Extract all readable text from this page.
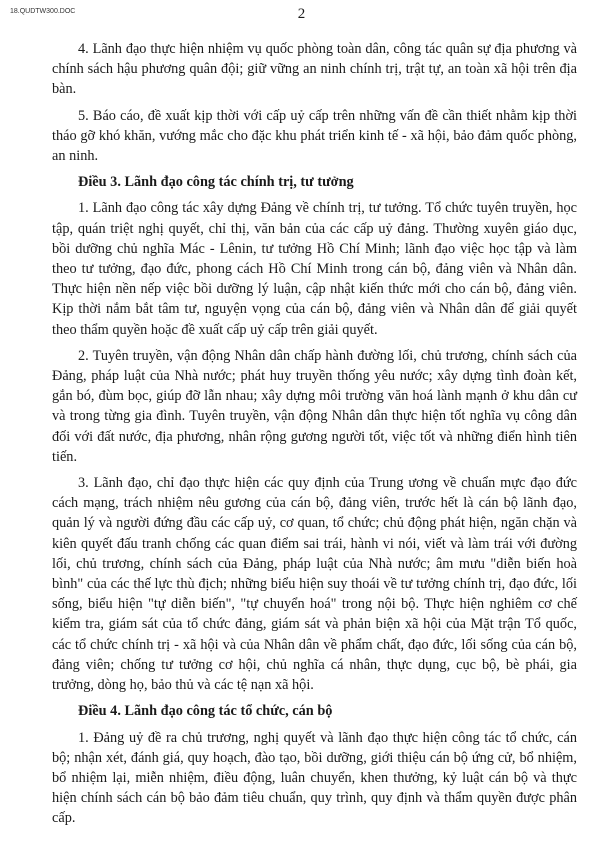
18.QUDTW300.DOC	2

4. Lãnh đạo thực hiện nhiệm vụ quốc phòng toàn dân, công tác quân sự địa phương và chính sách hậu phương quân đội; giữ vững an ninh chính trị, trật tự, an toàn xã hội trên địa bàn.

5. Báo cáo, đề xuất kịp thời với cấp uỷ cấp trên những vấn đề cần thiết nhằm kịp thời tháo gỡ khó khăn, vướng mắc cho đặc khu phát triển kinh tế - xã hội, bảo đảm quốc phòng, an ninh.

Điều 3. Lãnh đạo công tác chính trị, tư tưởng

1. Lãnh đạo công tác xây dựng Đảng về chính trị, tư tưởng. Tổ chức tuyên truyền, học tập, quán triệt nghị quyết, chỉ thị, văn bản của các cấp uỷ đảng. Thường xuyên giáo dục, bồi dưỡng chủ nghĩa Mác - Lênin, tư tưởng Hồ Chí Minh; lãnh đạo việc học tập và làm theo tư tưởng, đạo đức, phong cách Hồ Chí Minh trong cán bộ, đảng viên và Nhân dân. Thực hiện nền nếp việc bồi dưỡng lý luận, cập nhật kiến thức mới cho cán bộ, đảng viên. Kịp thời nắm bắt tâm tư, nguyện vọng của cán bộ, đảng viên và Nhân dân để giải quyết theo thẩm quyền hoặc đề xuất cấp uỷ cấp trên giải quyết.

2. Tuyên truyền, vận động Nhân dân chấp hành đường lối, chủ trương, chính sách của Đảng, pháp luật của Nhà nước; phát huy truyền thống yêu nước; xây dựng tình đoàn kết, gắn bó, đùm bọc, giúp đỡ lẫn nhau; xây dựng môi trường văn hoá lành mạnh ở khu dân cư và trong từng gia đình. Tuyên truyền, vận động Nhân dân thực hiện tốt nghĩa vụ công dân đối với đất nước, địa phương, nhân rộng gương người tốt, việc tốt và những điển hình tiên tiến.

3. Lãnh đạo, chỉ đạo thực hiện các quy định của Trung ương về chuẩn mực đạo đức cách mạng, trách nhiệm nêu gương của cán bộ, đảng viên, trước hết là cán bộ lãnh đạo, quản lý và người đứng đầu các cấp uỷ, cơ quan, tổ chức; chủ động phát hiện, ngăn chặn và kiên quyết đấu tranh chống các quan điểm sai trái, hành vi nói, viết và làm trái với đường lối, chủ trương, chính sách của Đảng, pháp luật của Nhà nước; âm mưu "diễn biến hoà bình" của các thế lực thù địch; những biểu hiện suy thoái về tư tưởng chính trị, đạo đức, lối sống, biểu hiện "tự diễn biến", "tự chuyển hoá" trong nội bộ. Thực hiện nghiêm cơ chế kiểm tra, giám sát của tổ chức đảng, giám sát và phản biện xã hội của Mặt trận Tổ quốc, các tổ chức chính trị - xã hội và của Nhân dân về phẩm chất, đạo đức, lối sống của cán bộ, đảng viên; chống tư tưởng cơ hội, chủ nghĩa cá nhân, thực dụng, cục bộ, bè phái, gia trưởng, dòng họ, bảo thủ và các tệ nạn xã hội.

Điều 4. Lãnh đạo công tác tổ chức, cán bộ

1. Đảng uỷ đề ra chủ trương, nghị quyết và lãnh đạo thực hiện công tác tổ chức, cán bộ; nhận xét, đánh giá, quy hoạch, đào tạo, bồi dưỡng, giới thiệu cán bộ ứng cử, bổ nhiệm, bổ nhiệm lại, miễn nhiệm, điều động, luân chuyển, khen thưởng, kỷ luật cán bộ và thực hiện chính sách cán bộ bảo đảm tiêu chuẩn, quy trình, quy định và thẩm quyền được phân cấp.
